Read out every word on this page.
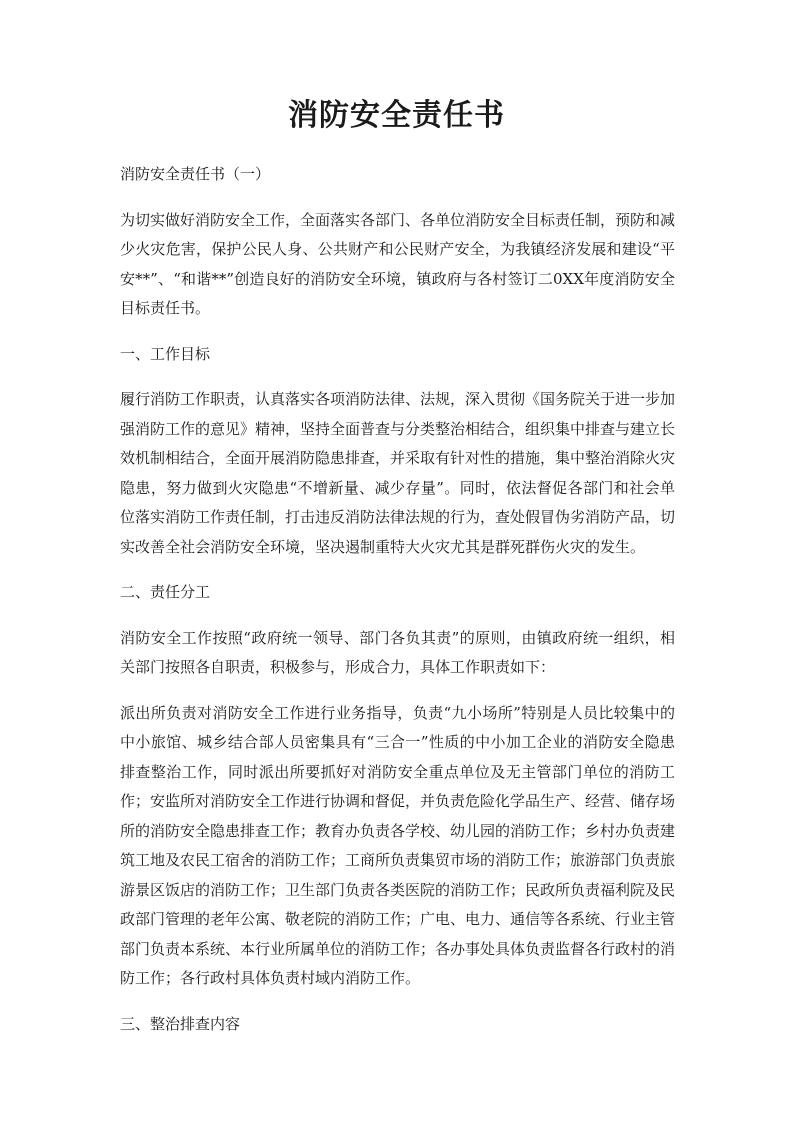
消防安全责任书

消防安全责任书（一）

为切实做好消防安全工作，全面落实各部门、各单位消防安全目标责任制，预防和减少火灾危害，保护公民人身、公共财产和公民财产安全，为我镇经济发展和建设“平安**”、“和谐**”创造良好的消防安全环境，镇政府与各村签订二0XX年度消防安全目标责任书。

一、工作目标

履行消防工作职责，认真落实各项消防法律、法规，深入贯彻《国务院关于进一步加强消防工作的意见》精神，坚持全面普查与分类整治相结合，组织集中排查与建立长效机制相结合，全面开展消防隐患排查，并采取有针对性的措施，集中整治消除火灾隐患，努力做到火灾隐患“不增新量、减少存量”。同时，依法督促各部门和社会单位落实消防工作责任制，打击违反消防法律法规的行为，查处假冒伪劣消防产品，切实改善全社会消防安全环境，坚决遏制重特大火灾尤其是群死群伤火灾的发生。

二、责任分工

消防安全工作按照“政府统一领导、部门各负其责”的原则，由镇政府统一组织，相关部门按照各自职责，积极参与，形成合力，具体工作职责如下：

派出所负责对消防安全工作进行业务指导，负责“九小场所”特别是人员比较集中的中小旅馆、城乡结合部人员密集具有“三合一”性质的中小加工企业的消防安全隐患排查整治工作，同时派出所要抓好对消防安全重点单位及无主管部门单位的消防工作；安监所对消防安全工作进行协调和督促，并负责危险化学品生产、经营、储存场所的消防安全隐患排查工作；教育办负责各学校、幼儿园的消防工作；乡村办负责建筑工地及农民工宿舍的消防工作；工商所负责集贸市场的消防工作；旅游部门负责旅游景区饭店的消防工作；卫生部门负责各类医院的消防工作；民政所负责福利院及民政部门管理的老年公寓、敬老院的消防工作；广电、电力、通信等各系统、行业主管部门负责本系统、本行业所属单位的消防工作；各办事处具体负责监督各行政村的消防工作；各行政村具体负责村域内消防工作。

三、整治排查内容
